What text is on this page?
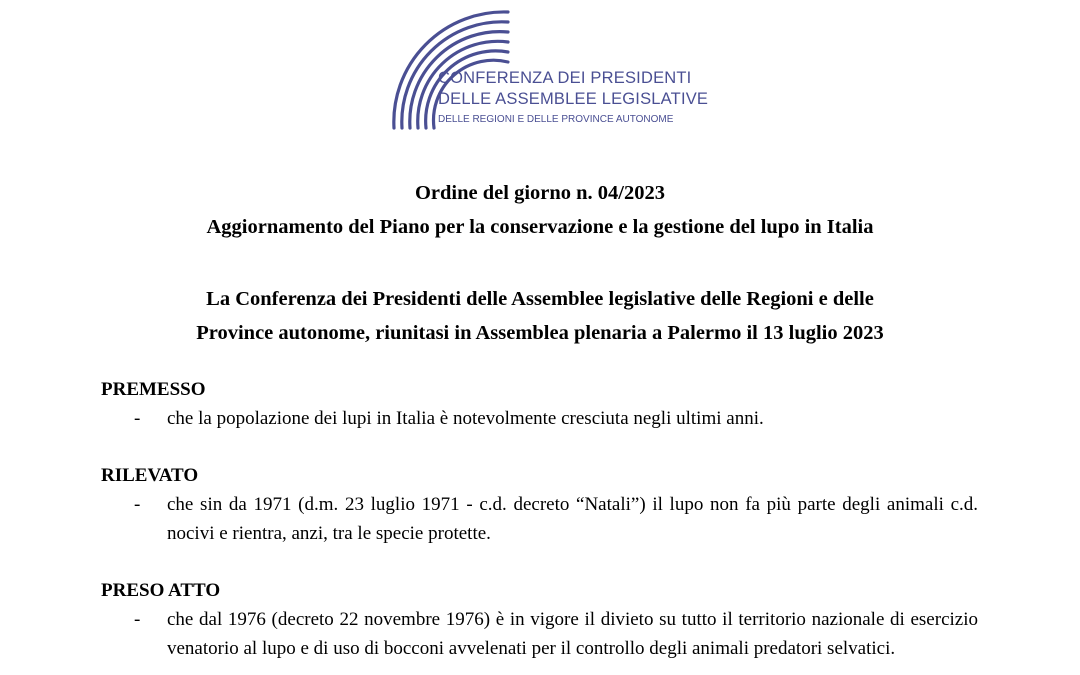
CONFERENZA DEI PRESIDENTI
DELLE ASSEMBLEE LEGISLATIVE
DELLE REGIONI E DELLE PROVINCE AUTONOME
Ordine del giorno n. 04/2023
Aggiornamento del Piano per la conservazione e la gestione del lupo in Italia
La Conferenza dei Presidenti delle Assemblee legislative delle Regioni e delle
Province autonome, riunitasi in Assemblea plenaria a Palermo il 13 luglio 2023
PREMESSO
- che la popolazione dei lupi in Italia è notevolmente cresciuta negli ultimi anni.
RILEVATO
- che sin da 1971 (d.m. 23 luglio 1971 - c.d. decreto “Natali”) il lupo non fa più parte degli animali c.d. nocivi e rientra, anzi, tra le specie protette.
PRESO ATTO
- che dal 1976 (decreto 22 novembre 1976) è in vigore il divieto su tutto il territorio nazionale di esercizio venatorio al lupo e di uso di bocconi avvelenati per il controllo degli animali predatori selvatici.
